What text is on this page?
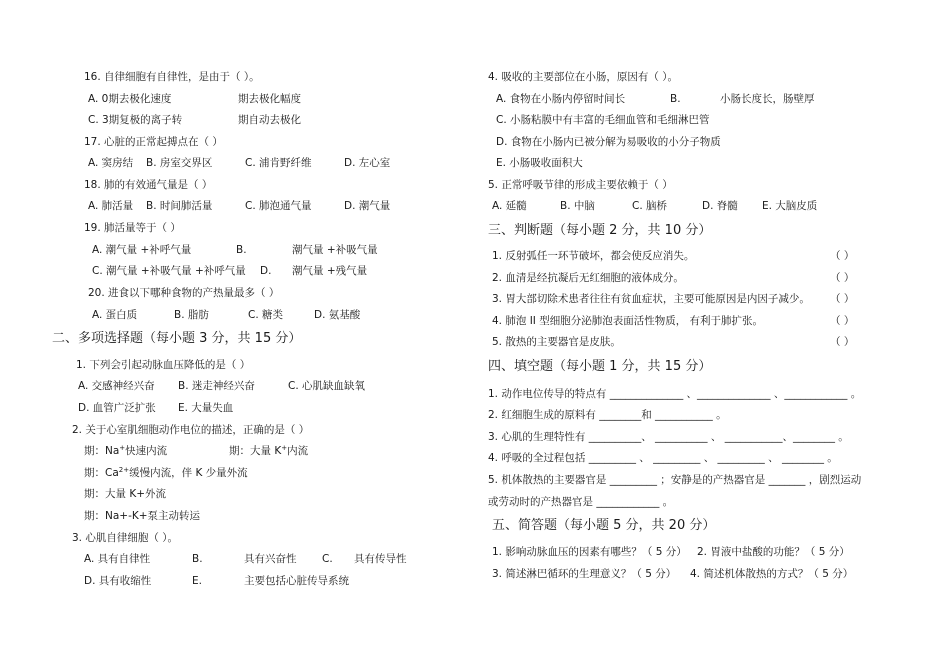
16. 自律细胞有自律性，是由于（ ）。
A. 0期去极化速度	期去极化幅度
C. 3期复极的离子转	期自动去极化
17. 心脏的正常起搏点在（ ）
A. 窦房结 B. 房室交界区	C. 浦肯野纤维	D. 左心室
18. 肺的有效通气量是（ ）
A. 肺活量 B. 时间肺活量	C. 肺泡通气量	D. 潮气量
19. 肺活量等于（ ）
A. 潮气量 +补呼气量	B.	潮气量 +补吸气量
C. 潮气量 +补吸气量 +补呼气量 D. 潮气量 +残气量
20. 进食以下哪种食物的产热量最多（ ）
A. 蛋白质	B. 脂肪	C. 糖类	D. 氨基酸
二、多项选择题（每小题 3 分，共 15 分）
1. 下列会引起动脉血压降低的是（ ）
A. 交感神经兴奋 B. 迷走神经兴奋	C. 心肌缺血缺氧
D. 血管广泛扩张 E. 大量失血
2. 关于心室肌细胞动作电位的描述，正确的是（ ）
期：Na+快速内流	期：大量 K+内流
期：$Ca^{2+}$缓慢内流，伴 K 少量外流
期：大量 K+外流
期：Na+-K+泵主动转运
3. 心肌自律细胞（ ）。
A. 具有自律性	B.	具有兴奋性 C. 具有传导性
D. 具有收缩性	E.	主要包括心脏传导系统
4. 吸收的主要部位在小肠，原因有（ ）。
A. 食物在小肠内停留时间长	B.	小肠长度长，肠壁厚
C. 小肠粘膜中有丰富的毛细血管和毛细淋巴管
D. 食物在小肠内已被分解为易吸收的小分子物质
E. 小肠吸收面积大
5. 正常呼吸节律的形成主要依赖于（ ）
A. 延髓	B. 中脑	C. 脑桥	D. 脊髓 E. 大脑皮质
三、判断题（每小题 2 分，共 10 分）
1. 反射弧任一环节破坏，都会使反应消失。	（ ）
2. 血清是经抗凝后无红细胞的液体成分。	（ ）
3. 胃大部切除术患者往往有贫血症状，主要可能原因是内因子减少。 （ ）
4. 肺泡 II 型细胞分泌肺泡表面活性物质， 有利于肺扩张。	（ ）
5. 散热的主要器官是皮肤。	（ ）
四、填空题（每小题 1 分，共 15 分）
1. 动作电位传导的特点有 ______________ 、______________ 、____________ 。
2. 红细胞生成的原料有 ________和 ___________ 。
3. 心肌的生理特性有 __________、 __________ 、 ___________、________ 。
4. 呼吸的全过程包括 _________ 、 _________ 、 _________ 、 ________ 。
5. 机体散热的主要器官是 _________ ；安静是的产热器官是 _______ ，剧烈运动
或劳动时的产热器官是 ____________ 。
五、简答题（每小题 5 分，共 20 分）
1. 影响动脉血压的因素有哪些？（ 5 分） 2. 胃液中盐酸的功能？（ 5 分）
3. 简述淋巴循环的生理意义？（ 5 分） 4. 简述机体散热的方式？（ 5 分）
